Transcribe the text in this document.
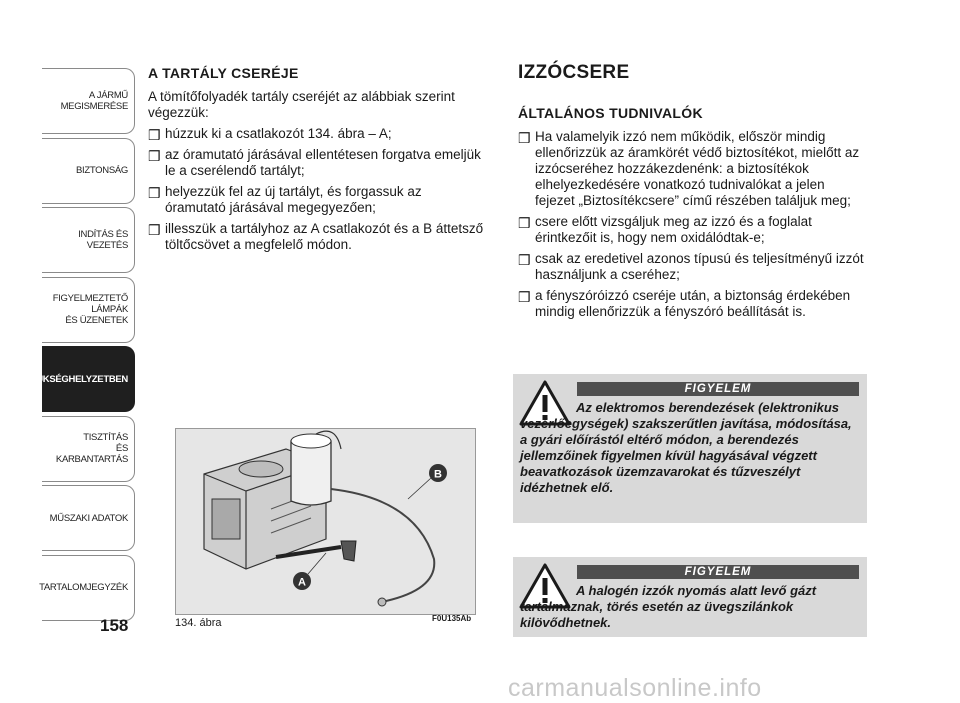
A JÁRMŰ
MEGISMERÉSE
BIZTONSÁG
INDÍTÁS ÉS VEZETÉS
FIGYELMEZTETŐ
LÁMPÁK
ÉS ÜZENETEK
SZÜKSÉGHELYZETBEN
TISZTÍTÁS
ÉS KARBANTARTÁS
MŰSZAKI ADATOK
TARTALOMJEGYZÉK
158
A TARTÁLY CSERÉJE

A tömítőfolyadék tartály cseréjét az alábbiak szerint végezzük:

❒ húzzuk ki a csatlakozót 134. ábra – A;
❒ az óramutató járásával ellentétesen forgatva emeljük le a cserélendő tartályt;
❒ helyezzük fel az új tartályt, és forgassuk az óramutató járásával megegyezően;
❒ illesszük a tartályhoz az A csatlakozót és a B áttetsző töltőcsövet a megfelelő módon.
B
A
134. ábra	F0U135Ab
IZZÓCSERE
ÁLTALÁNOS TUDNIVALÓK
❒ Ha valamelyik izzó nem működik, először mindig ellenőrizzük az áramkörét védő biztosítékot, mielőtt az izzócseréhez hozzákezdenénk: a biztosítékok elhelyezkedésére vonatkozó tudnivalókat a jelen fejezet „Biztosítékcsere” című részében találjuk meg;
❒ csere előtt vizsgáljuk meg az izzó és a foglalat érintkezőit is, hogy nem oxidálódtak-e;
❒ csak az eredetivel azonos típusú és teljesítményű izzót használjunk a cseréhez;
❒ a fényszóróizzó cseréje után, a biztonság érdekében mindig ellenőrizzük a fényszóró beállítását is.
FIGYELEM
Az elektromos berendezések (elektronikus vezérlőegységek) szakszerűtlen javítása, módosítása, a gyári előírástól eltérő módon, a berendezés jellemzőinek figyelmen kívül hagyásával végzett beavatkozások üzemzavarokat és tűzveszélyt idézhetnek elő.
FIGYELEM
A halogén izzók nyomás alatt levő gázt tartalmaznak, törés esetén az üvegszilánkok kilövődhetnek.
carmanualsonline.info
